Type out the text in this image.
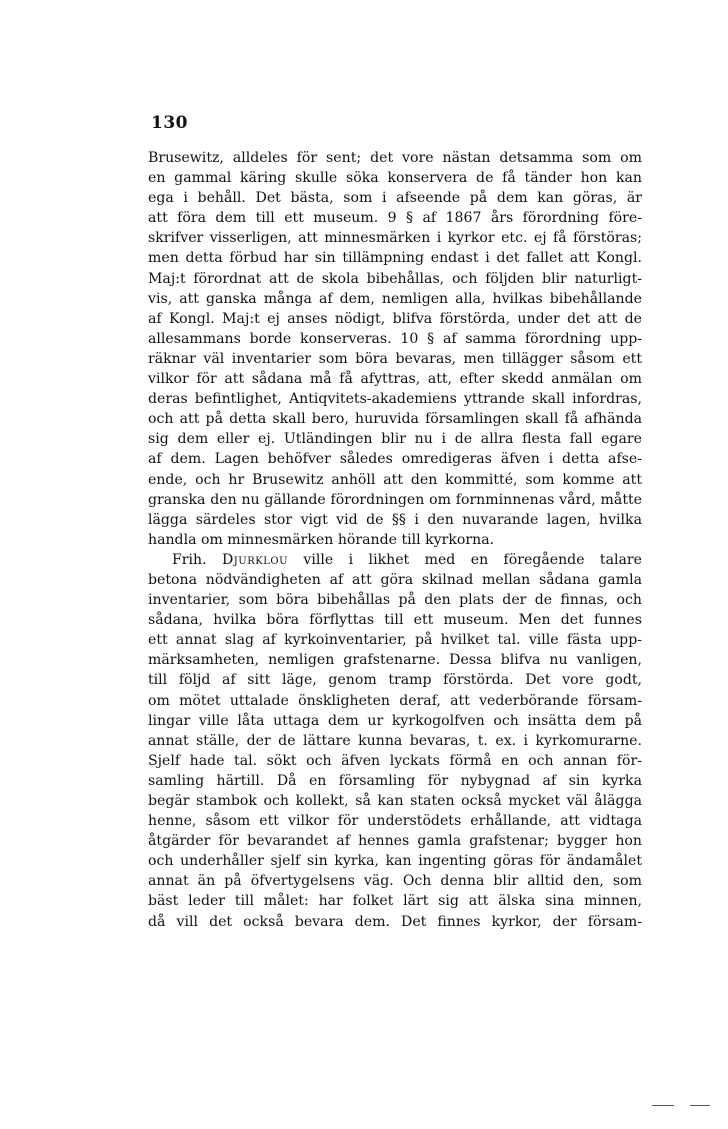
130
Brusewitz, alldeles för sent; det vore nästan detsamma som om
en gammal käring skulle söka konservera de få tänder hon kan
ega i behåll. Det bästa, som i afseende på dem kan göras, är
att föra dem till ett museum. 9 § af 1867 års förordning före-
skrifver visserligen, att minnesmärken i kyrkor etc. ej få förstöras;
men detta förbud har sin tillämpning endast i det fallet att Kongl.
Maj:t förordnat att de skola bibehållas, och följden blir naturligt-
vis, att ganska många af dem, nemligen alla, hvilkas bibehållande
af Kongl. Maj:t ej anses nödigt, blifva förstörda, under det att de
allesammans borde konserveras. 10 § af samma förordning upp-
räknar väl inventarier som böra bevaras, men tillägger såsom ett
vilkor för att sådana må få afyttras, att, efter skedd anmälan om
deras befintlighet, Antiqvitets-akademiens yttrande skall infordras,
och att på detta skall bero, huruvida församlingen skall få afhända
sig dem eller ej. Utländingen blir nu i de allra flesta fall egare
af dem. Lagen behöfver således omredigeras äfven i detta afse-
ende, och hr Brusewitz anhöll att den kommitté, som komme att
granska den nu gällande förordningen om fornminnenas vård, måtte
lägga särdeles stor vigt vid de §§ i den nuvarande lagen, hvilka
handla om minnesmärken hörande till kyrkorna.
Frih. Djurklou ville i likhet med en föregående talare
betona nödvändigheten af att göra skilnad mellan sådana gamla
inventarier, som böra bibehållas på den plats der de finnas, och
sådana, hvilka böra förflyttas till ett museum. Men det funnes
ett annat slag af kyrkoinventarier, på hvilket tal. ville fästa upp-
märksamheten, nemligen grafstenarne. Dessa blifva nu vanligen,
till följd af sitt läge, genom tramp förstörda. Det vore godt,
om mötet uttalade önskligheten deraf, att vederbörande försam-
lingar ville låta uttaga dem ur kyrkogolfven och insätta dem på
annat ställe, der de lättare kunna bevaras, t. ex. i kyrkomurarne.
Sjelf hade tal. sökt och äfven lyckats förmå en och annan för-
samling härtill. Då en församling för nybygnad af sin kyrka
begär stambok och kollekt, så kan staten också mycket väl ålägga
henne, såsom ett vilkor för understödets erhållande, att vidtaga
åtgärder för bevarandet af hennes gamla grafstenar; bygger hon
och underhåller sjelf sin kyrka, kan ingenting göras för ändamålet
annat än på öfvertygelsens väg. Och denna blir alltid den, som
bäst leder till målet: har folket lärt sig att älska sina minnen,
då vill det också bevara dem. Det finnes kyrkor, der försam-
